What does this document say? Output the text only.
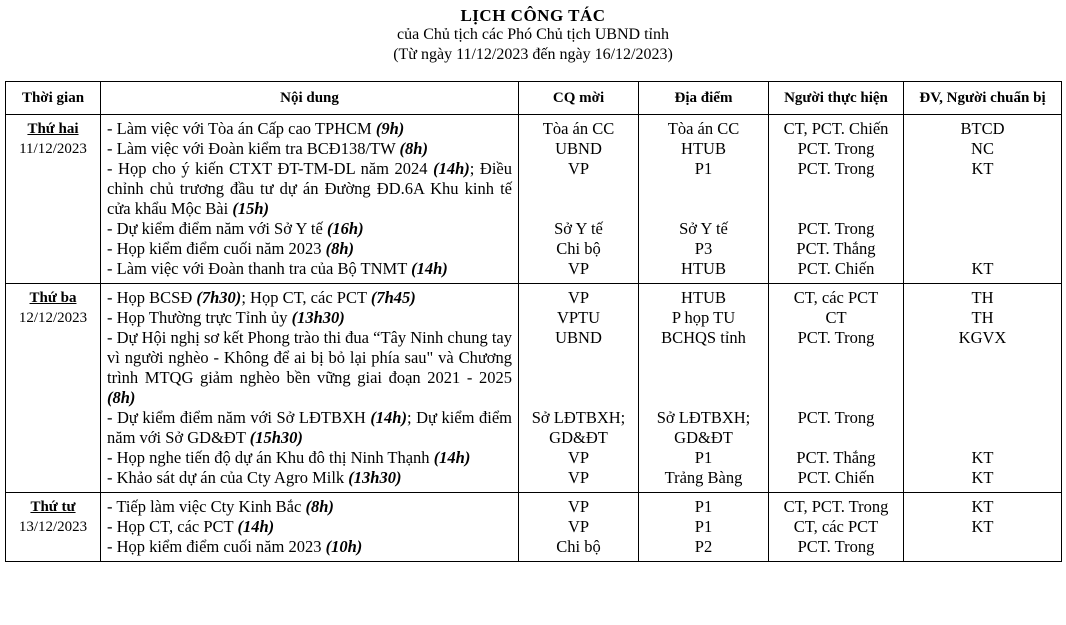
LỊCH CÔNG TÁC
của Chủ tịch các Phó Chủ tịch UBND tỉnh
(Từ ngày 11/12/2023 đến ngày 16/12/2023)
Thời gian	Nội dung	CQ mời	Địa điểm	Người thực hiện	ĐV, Người chuẩn bị

Thứ hai
11/12/2023	- Làm việc với Tòa án Cấp cao TPHCM (9h)	Tòa án CC	Tòa án CC	CT, PCT. Chiến	BTCD
	- Làm việc với Đoàn kiểm tra BCĐ138/TW (8h)	UBND	HTUB	PCT. Trong	NC
	- Họp cho ý kiến CTXT ĐT-TM-DL năm 2024 (14h); Điều chỉnh chủ trương đầu tư dự án Đường ĐD.6A Khu kinh tế cửa khẩu Mộc Bài (15h)	VP	P1	PCT. Trong	KT
	- Dự kiểm điểm năm với Sở Y tế (16h)	Sở Y tế	Sở Y tế	PCT. Trong	
	- Họp kiểm điểm cuối năm 2023 (8h)	Chi bộ	P3	PCT. Thắng	
	- Làm việc với Đoàn thanh tra của Bộ TNMT (14h)	VP	HTUB	PCT. Chiến	KT

Thứ ba
12/12/2023	- Họp BCSĐ (7h30); Họp CT, các PCT (7h45)	VP	HTUB	CT, các PCT	TH
	- Họp Thường trực Tỉnh ủy (13h30)	VPTU	P họp TU	CT	TH
	- Dự Hội nghị sơ kết Phong trào thi đua “Tây Ninh chung tay vì người nghèo - Không để ai bị bỏ lại phía sau" và Chương trình MTQG giảm nghèo bền vững giai đoạn 2021 - 2025 (8h)	UBND	BCHQS tỉnh	PCT. Trong	KGVX
	- Dự kiểm điểm năm với Sở LĐTBXH (14h); Dự kiểm điểm năm với Sở GD&ĐT (15h30)	Sở LĐTBXH; GD&ĐT	Sở LĐTBXH; GD&ĐT	PCT. Trong	
	- Họp nghe tiến độ dự án Khu đô thị Ninh Thạnh (14h)	VP	P1	PCT. Thắng	KT
	- Khảo sát dự án của Cty Agro Milk (13h30)	VP	Trảng Bàng	PCT. Chiến	KT

Thứ tư
13/12/2023	- Tiếp làm việc Cty Kinh Bắc (8h)	VP	P1	CT, PCT. Trong	KT
	- Họp CT, các PCT (14h)	VP	P1	CT, các PCT	KT
	- Họp kiểm điểm cuối năm 2023 (10h)	Chi bộ	P2	PCT. Trong	
